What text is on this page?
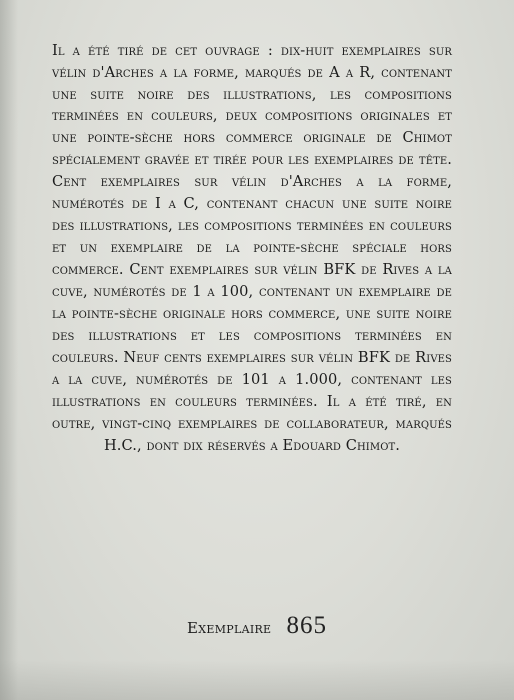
Il a été tiré de cet ouvrage : dix-huit exemplaires sur vélin d'Arches a la forme, marqués de A a R, contenant une suite noire des illustrations, les compositions terminées en couleurs, deux compositions originales et une pointe-sèche hors commerce originale de Chimot spécialement gravée et tirée pour les exemplaires de tête. Cent exemplaires sur vélin d'Arches a la forme, numérotés de I a C, contenant chacun une suite noire des illustrations, les compositions terminées en couleurs et un exemplaire de la pointe-sèche spéciale hors commerce. Cent exemplaires sur vélin BFK de Rives a la cuve, numérotés de 1 a 100, contenant un exemplaire de la pointe-sèche originale hors commerce, une suite noire des illustrations et les compositions terminées en couleurs. Neuf cents exemplaires sur vélin BFK de Rives a la cuve, numérotés de 101 a 1.000, contenant les illustrations en couleurs terminées. Il a été tiré, en outre, vingt-cinq exemplaires de collaborateur, marqués H.C., dont dix réservés a Edouard Chimot.

Exemplaire 865
